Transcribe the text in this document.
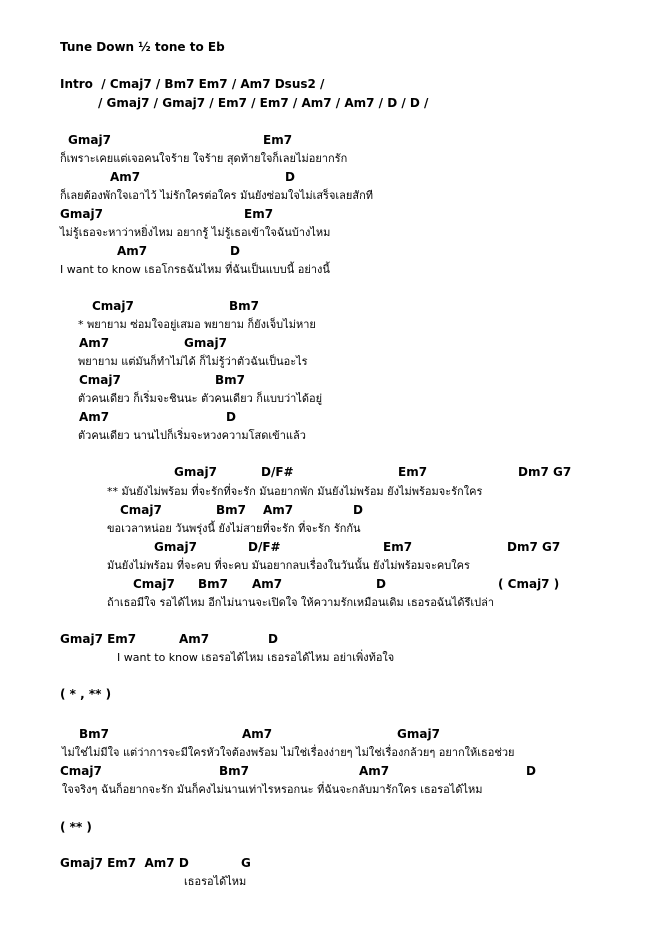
Tune Down ½ tone to Eb
Intro  / Cmaj7 / Bm7 Em7 / Am7 Dsus2 /
/ Gmaj7 / Gmaj7 / Em7 / Em7 / Am7 / Am7 / D / D /
Gmaj7	Em7
ก็เพราะเคยแต่เจอคนใจร้าย ใจร้าย สุดท้ายใจก็เลยไม่อยากรัก
Am7	D
ก็เลยต้องพักใจเอาไว้ ไม่รักใครต่อใคร มันยังซ่อมใจไม่เสร็จเลยสักที
Gmaj7	Em7
ไม่รู้เธอจะหาว่าหยิ่งไหม อยากรู้ ไม่รู้เธอเข้าใจฉันบ้างไหม
Am7	D
I want to know เธอโกรธฉันไหม ที่ฉันเป็นแบบนี้ อย่างนี้
Cmaj7	Bm7
* พยายาม ซ่อมใจอยู่เสมอ พยายาม ก็ยังเจ็บไม่หาย
Am7	Gmaj7
พยายาม แต่มันก็ทำไม่ได้ ก็ไม่รู้ว่าตัวฉันเป็นอะไร
Cmaj7	Bm7
ตัวคนเดียว ก็เริ่มจะชินนะ ตัวคนเดียว ก็แบบว่าได้อยู่
Am7	D
ตัวคนเดียว นานไปก็เริ่มจะหวงความโสดเข้าแล้ว
Gmaj7	D/F#	Em7	Dm7 G7
** มันยังไม่พร้อม ที่จะรักที่จะรัก มันอยากพัก มันยังไม่พร้อม ยังไม่พร้อมจะรักใคร
Cmaj7	Bm7 Am7	D
ขอเวลาหน่อย วันพรุ่งนี้ ยังไม่สายที่จะรัก ที่จะรัก รักกัน
Gmaj7	D/F#	Em7	Dm7 G7
มันยังไม่พร้อม ที่จะคบ ที่จะคบ มันอยากลบเรื่องในวันนั้น ยังไม่พร้อมจะคบใคร
Cmaj7 Bm7 Am7	D	( Cmaj7 )
ถ้าเธอมีใจ รอได้ไหม อีกไม่นานจะเปิดใจ ให้ความรักเหมือนเดิม เธอรอฉันได้รึเปล่า
Gmaj7 Em7	Am7	D
I want to know เธอรอได้ไหม เธอรอได้ไหม อย่าเพิ่งท้อใจ
( * , ** )
Bm7	Am7	Gmaj7
ไม่ใช่ไม่มีใจ แต่ว่าการจะมีใครหัวใจต้องพร้อม ไม่ใช่เรื่องง่ายๆ ไม่ใช่เรื่องกล้วยๆ อยากให้เธอช่วย
Cmaj7	Bm7	Am7	D
ใจจริงๆ ฉันก็อยากจะรัก มันก็คงไม่นานเท่าไรหรอกนะ ที่ฉันจะกลับมารักใคร เธอรอได้ไหม
( ** )
Gmaj7 Em7  Am7 D	G
เธอรอได้ไหม
